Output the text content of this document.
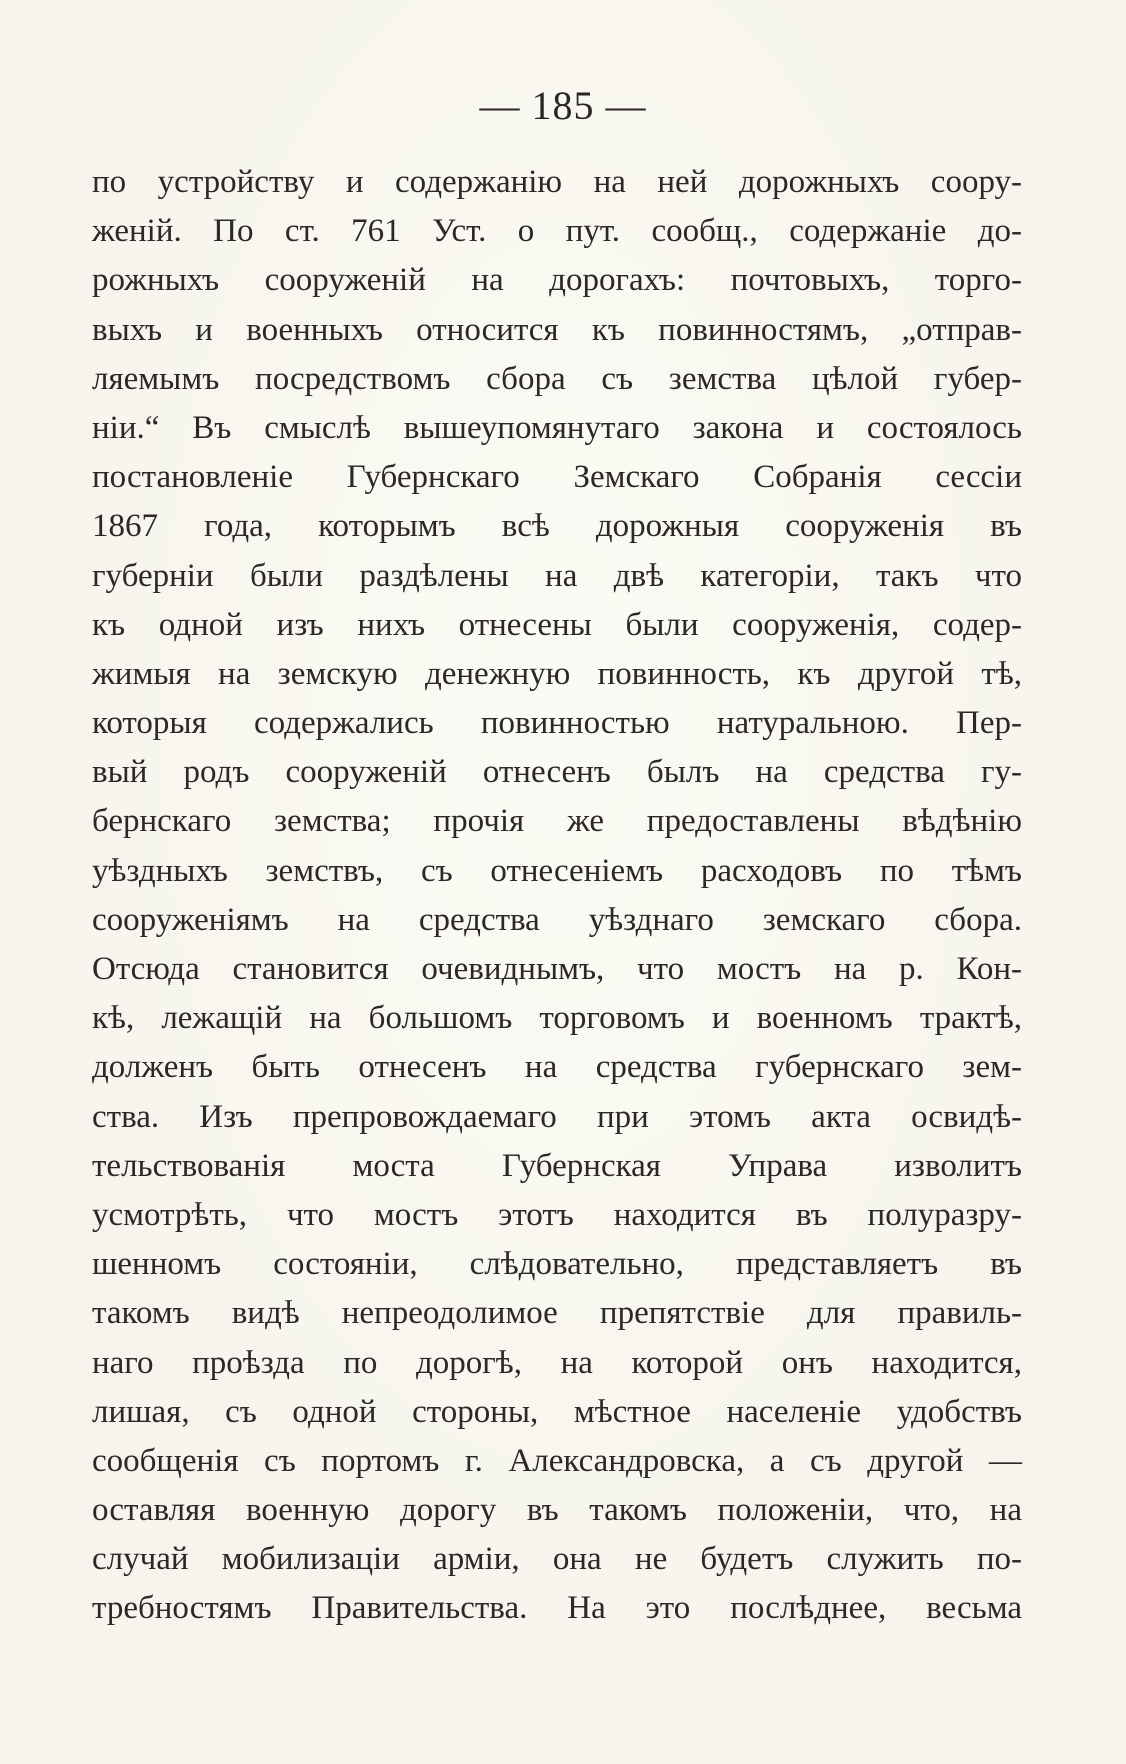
— 185 —
по устройству и содержанію на ней дорожныхъ соору-
женій. По ст. 761 Уст. о пут. сообщ., содержаніе до-
рожныхъ сооруженій на дорогахъ: почтовыхъ, торго-
выхъ и военныхъ относится къ повинностямъ, „отправ-
ляемымъ посредствомъ сбора съ земства цѣлой губер-
ніи.“ Въ смыслѣ вышеупомянутаго закона и состоялось
постановленіе Губернскаго Земскаго Собранія сессіи
1867 года, которымъ всѣ дорожныя сооруженія въ
губерніи были раздѣлены на двѣ категоріи, такъ что
къ одной изъ нихъ отнесены были сооруженія, содер-
жимыя на земскую денежную повинность, къ другой тѣ,
которыя содержались повинностью натуральною. Пер-
вый родъ сооруженій отнесенъ былъ на средства гу-
бернскаго земства; прочія же предоставлены вѣдѣнію
уѣздныхъ земствъ, съ отнесеніемъ расходовъ по тѣмъ
сооруженіямъ на средства уѣзднаго земскаго сбора.
Отсюда становится очевиднымъ, что мостъ на р. Кон-
кѣ, лежащій на большомъ торговомъ и военномъ трактѣ,
долженъ быть отнесенъ на средства губернскаго зем-
ства. Изъ препровождаемаго при этомъ акта освидѣ-
тельствованія моста Губернская Управа изволитъ
усмотрѣть, что мостъ этотъ находится въ полуразру-
шенномъ состояніи, слѣдовательно, представляетъ въ
такомъ видѣ непреодолимое препятствіе для правиль-
наго проѣзда по дорогѣ, на которой онъ находится,
лишая, съ одной стороны, мѣстное населеніе удобствъ
сообщенія съ портомъ г. Александровска, а съ другой —
оставляя военную дорогу въ такомъ положеніи, что, на
случай мобилизаціи арміи, она не будетъ служить по-
требностямъ Правительства. На это послѣднее, весьма
